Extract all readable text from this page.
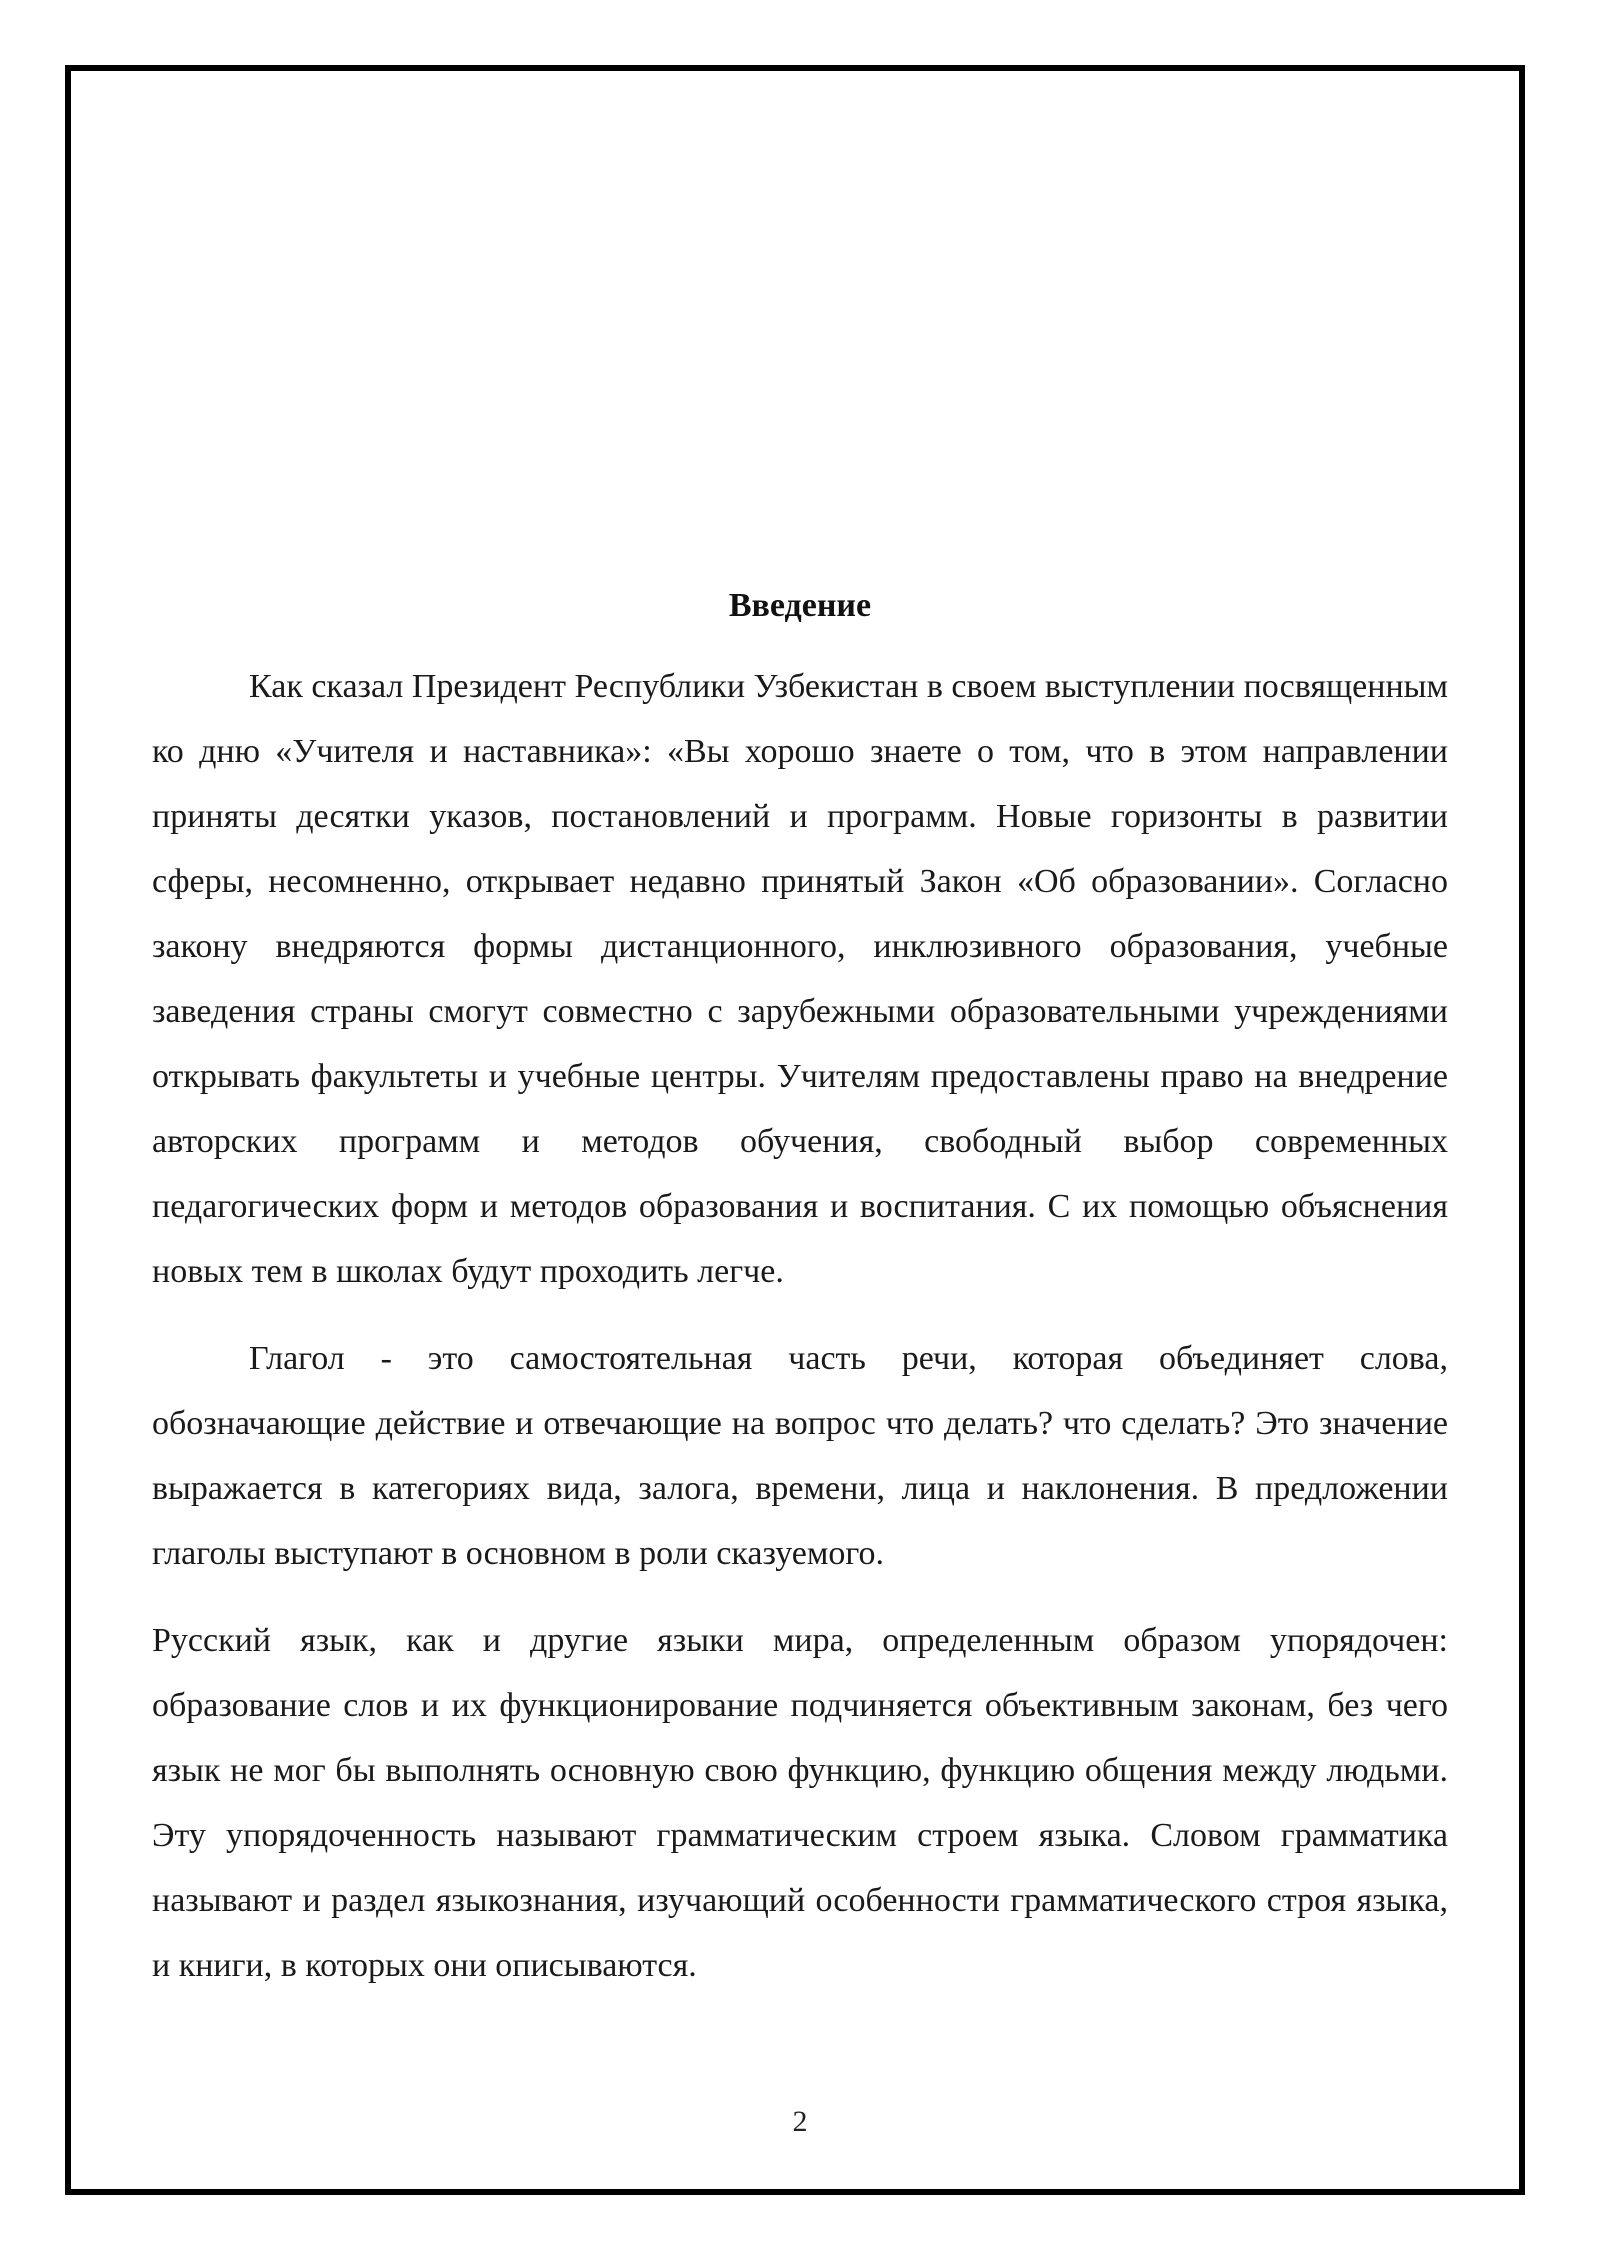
Введение

Как сказал Президент Республики Узбекистан в своем выступлении посвященным ко дню «Учителя и наставника»: «Вы хорошо знаете о том, что в этом направлении приняты десятки указов, постановлений и программ. Новые горизонты в развитии сферы, несомненно, открывает недавно принятый Закон «Об образовании». Согласно закону внедряются формы дистанционного, инклюзивного образования, учебные заведения страны смогут совместно с зарубежными образовательными учреждениями открывать факультеты и учебные центры. Учителям предоставлены право на внедрение авторских программ и методов обучения, свободный выбор современных педагогических форм и методов образования и воспитания. С их помощью объяснения новых тем в школах будут проходить легче.

Глагол - это самостоятельная часть речи, которая объединяет слова, обозначающие действие и отвечающие на вопрос что делать? что сделать? Это значение выражается в категориях вида, залога, времени, лица и наклонения. В предложении глаголы выступают в основном в роли сказуемого.

Русский язык, как и другие языки мира, определенным образом упорядочен: образование слов и их функционирование подчиняется объективным законам, без чего язык не мог бы выполнять основную свою функцию, функцию общения между людьми. Эту упорядоченность называют грамматическим строем языка. Словом грамматика называют и раздел языкознания, изучающий особенности грамматического строя языка, и книги, в которых они описываются.

2
